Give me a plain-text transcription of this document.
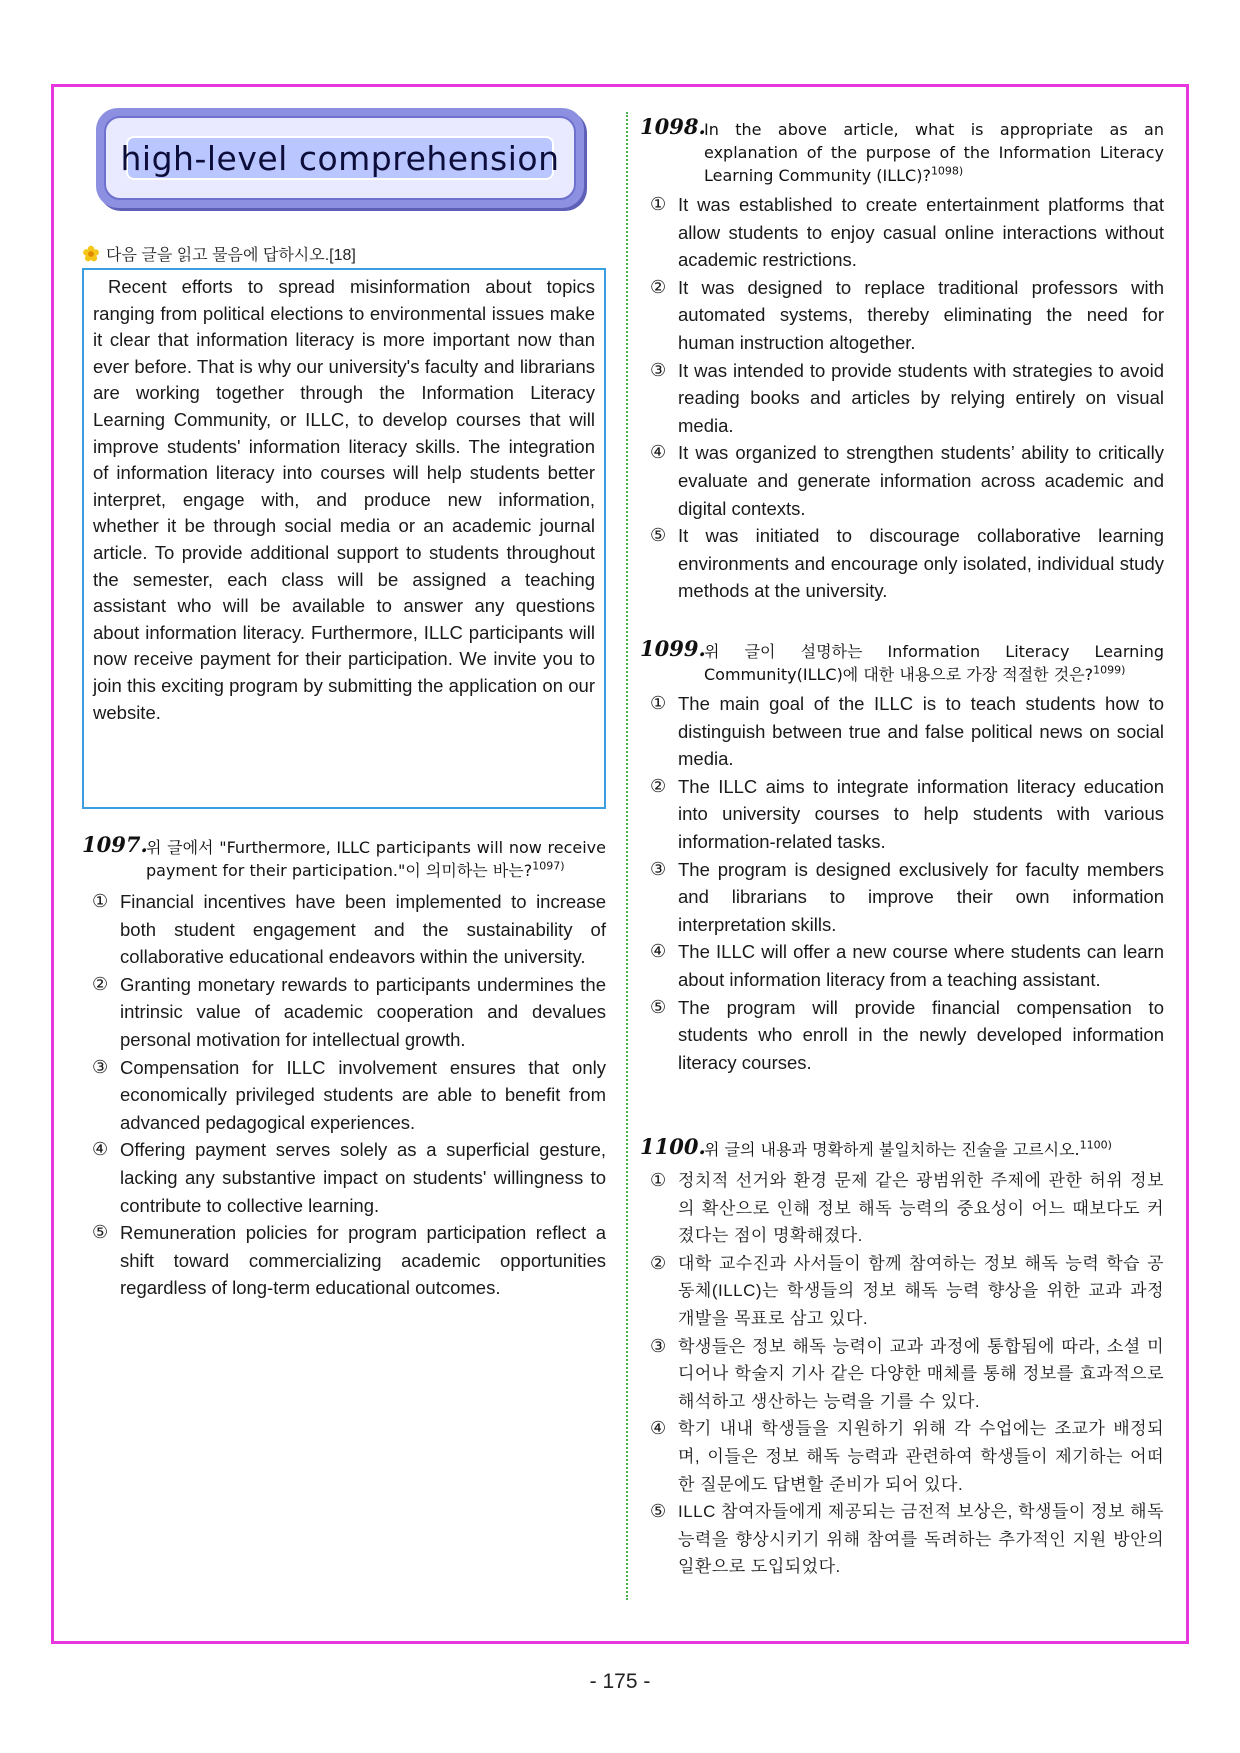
high-level comprehension
다음 글을 읽고 물음에 답하시오.[18]
Recent efforts to spread misinformation about topics ranging from political elections to environmental issues make it clear that information literacy is more important now than ever before. That is why our university's faculty and librarians are working together through the Information Literacy Learning Community, or ILLC, to develop courses that will improve students' information literacy skills. The integration of information literacy into courses will help students better interpret, engage with, and produce new information, whether it be through social media or an academic journal article. To provide additional support to students throughout the semester, each class will be assigned a teaching assistant who will be available to answer any questions about information literacy. Furthermore, ILLC participants will now receive payment for their participation. We invite you to join this exciting program by submitting the application on our website.
1097.
위 글에서 "Furthermore, ILLC participants will now receive payment for their participation."이 의미하는 바는?$^{1097)}$
① Financial incentives have been implemented to increase both student engagement and the sustainability of collaborative educational endeavors within the university.
② Granting monetary rewards to participants undermines the intrinsic value of academic cooperation and devalues personal motivation for intellectual growth.
③ Compensation for ILLC involvement ensures that only economically privileged students are able to benefit from advanced pedagogical experiences.
④ Offering payment serves solely as a superficial gesture, lacking any substantive impact on students' willingness to contribute to collective learning.
⑤ Remuneration policies for program participation reflect a shift toward commercializing academic opportunities regardless of long-term educational outcomes.
1098.
In the above article, what is appropriate as an explanation of the purpose of the Information Literacy Learning Community (ILLC)?$^{1098)}$
① It was established to create entertainment platforms that allow students to enjoy casual online interactions without academic restrictions.
② It was designed to replace traditional professors with automated systems, thereby eliminating the need for human instruction altogether.
③ It was intended to provide students with strategies to avoid reading books and articles by relying entirely on visual media.
④ It was organized to strengthen students’ ability to critically evaluate and generate information across academic and digital contexts.
⑤ It was initiated to discourage collaborative learning environments and encourage only isolated, individual study methods at the university.
1099.
위 글이 설명하는 Information Literacy Learning Community(ILLC)에 대한 내용으로 가장 적절한 것은?$^{1099)}$
① The main goal of the ILLC is to teach students how to distinguish between true and false political news on social media.
② The ILLC aims to integrate information literacy education into university courses to help students with various information-related tasks.
③ The program is designed exclusively for faculty members and librarians to improve their own information interpretation skills.
④ The ILLC will offer a new course where students can learn about information literacy from a teaching assistant.
⑤ The program will provide financial compensation to students who enroll in the newly developed information literacy courses.
1100.
위 글의 내용과 명확하게 불일치하는 진술을 고르시오.$^{1100)}$
① 정치적 선거와 환경 문제 같은 광범위한 주제에 관한 허위 정보의 확산으로 인해 정보 해독 능력의 중요성이 어느 때보다도 커졌다는 점이 명확해졌다.
② 대학 교수진과 사서들이 함께 참여하는 정보 해독 능력 학습 공동체(ILLC)는 학생들의 정보 해독 능력 향상을 위한 교과 과정 개발을 목표로 삼고 있다.
③ 학생들은 정보 해독 능력이 교과 과정에 통합됨에 따라, 소셜 미디어나 학술지 기사 같은 다양한 매체를 통해 정보를 효과적으로 해석하고 생산하는 능력을 기를 수 있다.
④ 학기 내내 학생들을 지원하기 위해 각 수업에는 조교가 배정되며, 이들은 정보 해독 능력과 관련하여 학생들이 제기하는 어떠한 질문에도 답변할 준비가 되어 있다.
⑤ ILLC 참여자들에게 제공되는 금전적 보상은, 학생들이 정보 해독 능력을 향상시키기 위해 참여를 독려하는 추가적인 지원 방안의 일환으로 도입되었다.
- 175 -
